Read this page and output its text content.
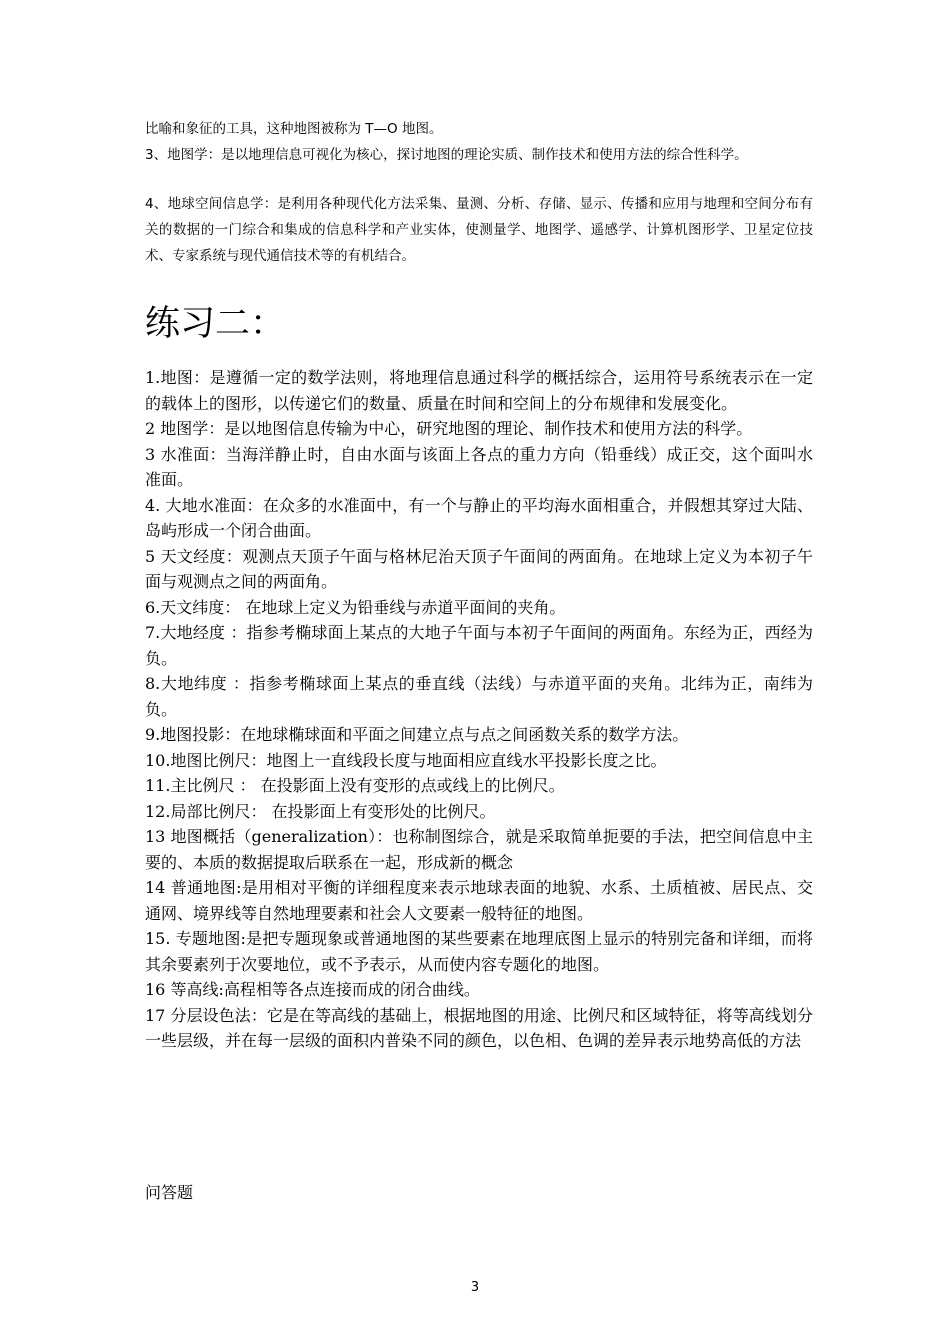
比喻和象征的工具，这种地图被称为 T—O 地图。

3、地图学：是以地理信息可视化为核心，探讨地图的理论实质、制作技术和使用方法的综合性科学。

4、地球空间信息学：是利用各种现代化方法采集、量测、分析、存储、显示、传播和应用与地理和空间分布有关的数据的一门综合和集成的信息科学和产业实体，使测量学、地图学、遥感学、计算机图形学、卫星定位技术、专家系统与现代通信技术等的有机结合。

练习二：

1.地图：是遵循一定的数学法则，将地理信息通过科学的概括综合，运用符号系统表示在一定的载体上的图形，以传递它们的数量、质量在时间和空间上的分布规律和发展变化。

2 地图学：是以地图信息传输为中心，研究地图的理论、制作技术和使用方法的科学。

3 水准面：当海洋静止时，自由水面与该面上各点的重力方向（铅垂线）成正交，这个面叫水准面。

4. 大地水准面：在众多的水准面中，有一个与静止的平均海水面相重合，并假想其穿过大陆、岛屿形成一个闭合曲面。

5 天文经度：观测点天顶子午面与格林尼治天顶子午面间的两面角。在地球上定义为本初子午面与观测点之间的两面角。

6.天文纬度： 在地球上定义为铅垂线与赤道平面间的夹角。

7.大地经度 ：指参考椭球面上某点的大地子午面与本初子午面间的两面角。东经为正，西经为负。

8.大地纬度 ：指参考椭球面上某点的垂直线（法线）与赤道平面的夹角。北纬为正，南纬为负。

9.地图投影：在地球椭球面和平面之间建立点与点之间函数关系的数学方法。

10.地图比例尺：地图上一直线段长度与地面相应直线水平投影长度之比。

11.主比例尺 ： 在投影面上没有变形的点或线上的比例尺。

12.局部比例尺： 在投影面上有变形处的比例尺。

13 地图概括（generalization）：也称制图综合，就是采取简单扼要的手法，把空间信息中主要的、本质的数据提取后联系在一起，形成新的概念

14 普通地图:是用相对平衡的详细程度来表示地球表面的地貌、水系、土质植被、居民点、交通网、境界线等自然地理要素和社会人文要素一般特征的地图。

15. 专题地图:是把专题现象或普通地图的某些要素在地理底图上显示的特别完备和详细，而将其余要素列于次要地位，或不予表示，从而使内容专题化的地图。

16 等高线:高程相等各点连接而成的闭合曲线。

17 分层设色法：它是在等高线的基础上，根据地图的用途、比例尺和区域特征，将等高线划分一些层级，并在每一层级的面积内普染不同的颜色，以色相、色调的差异表示地势高低的方法

问答题

3
